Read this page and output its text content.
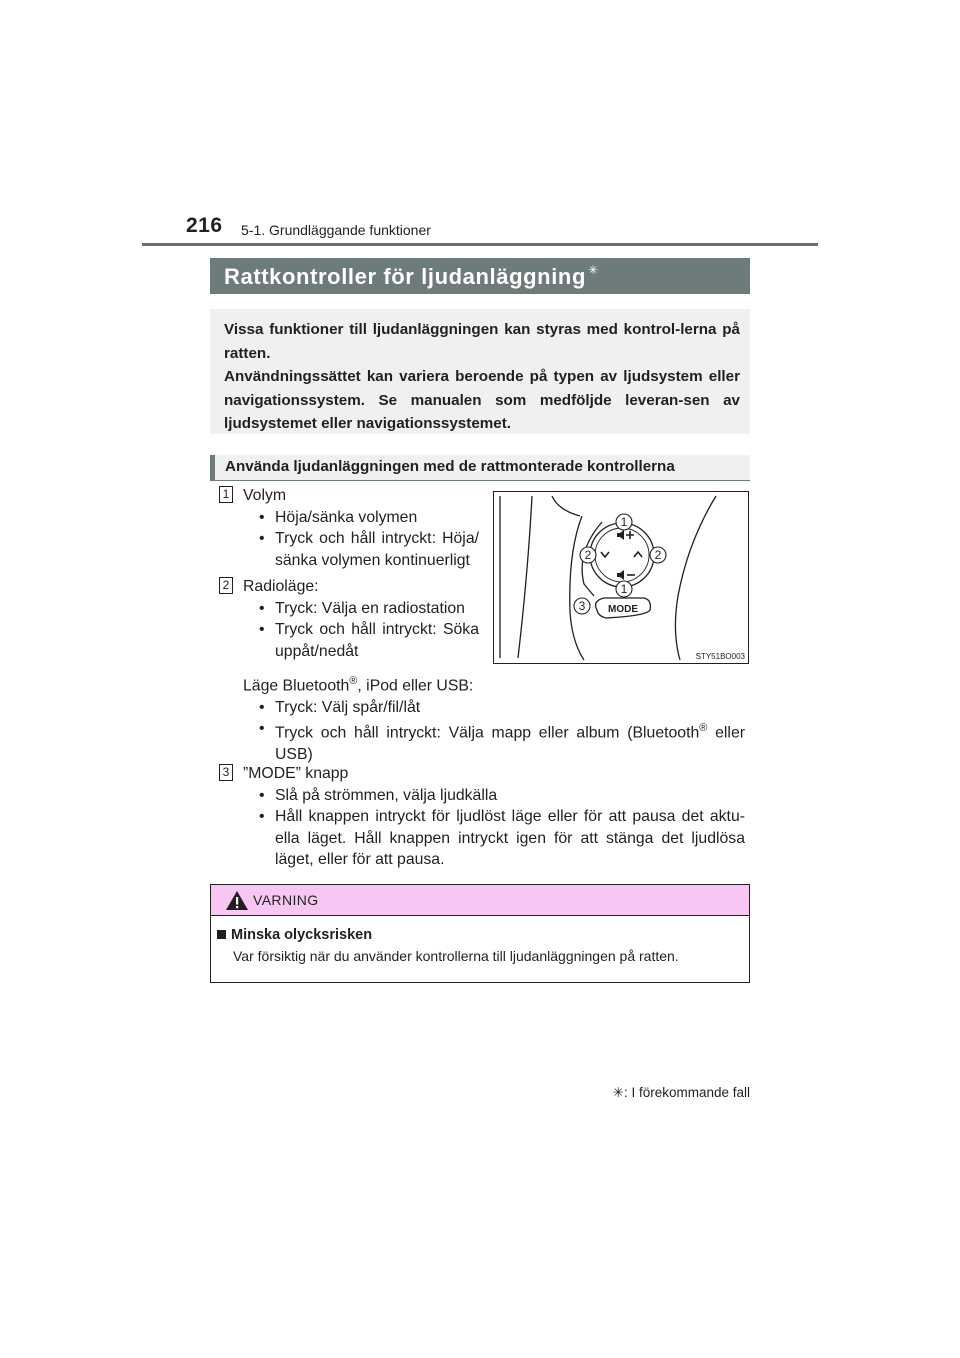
216 5-1. Grundläggande funktioner
Rattkontroller för ljudanläggning ✳

Vissa funktioner till ljudanläggningen kan styras med kontrol-lerna på ratten.

Användningssättet kan variera beroende på typen av ljudsystem eller navigationssystem. Se manualen som medföljde leveran-sen av ljudsystemet eller navigationssystemet.

Använda ljudanläggningen med de rattmonterade kontrollerna
1 Volym
• Höja/sänka volymen
• Tryck och håll intryckt: Höja/ sänka volymen kontinuerligt
2 Radioläge:
• Tryck: Välja en radiostation
• Tryck och håll intryckt: Söka uppåt/nedåt
Läge Bluetooth®, iPod eller USB:
• Tryck: Välj spår/fil/låt
• Tryck och håll intryckt: Välja mapp eller album (Bluetooth® eller USB)
3 ”MODE” knapp
• Slå på strömmen, välja ljudkälla
• Håll knappen intryckt för ljudlöst läge eller för att pausa det aktu-ella läget. Håll knappen intryckt igen för att stänga det ljudlösa läget, eller för att pausa.
MODE
1
2	2
1
3
STY51BO003
VARNING
Minska olycksrisken
Var försiktig när du använder kontrollerna till ljudanläggningen på ratten.
✳: I förekommande fall
